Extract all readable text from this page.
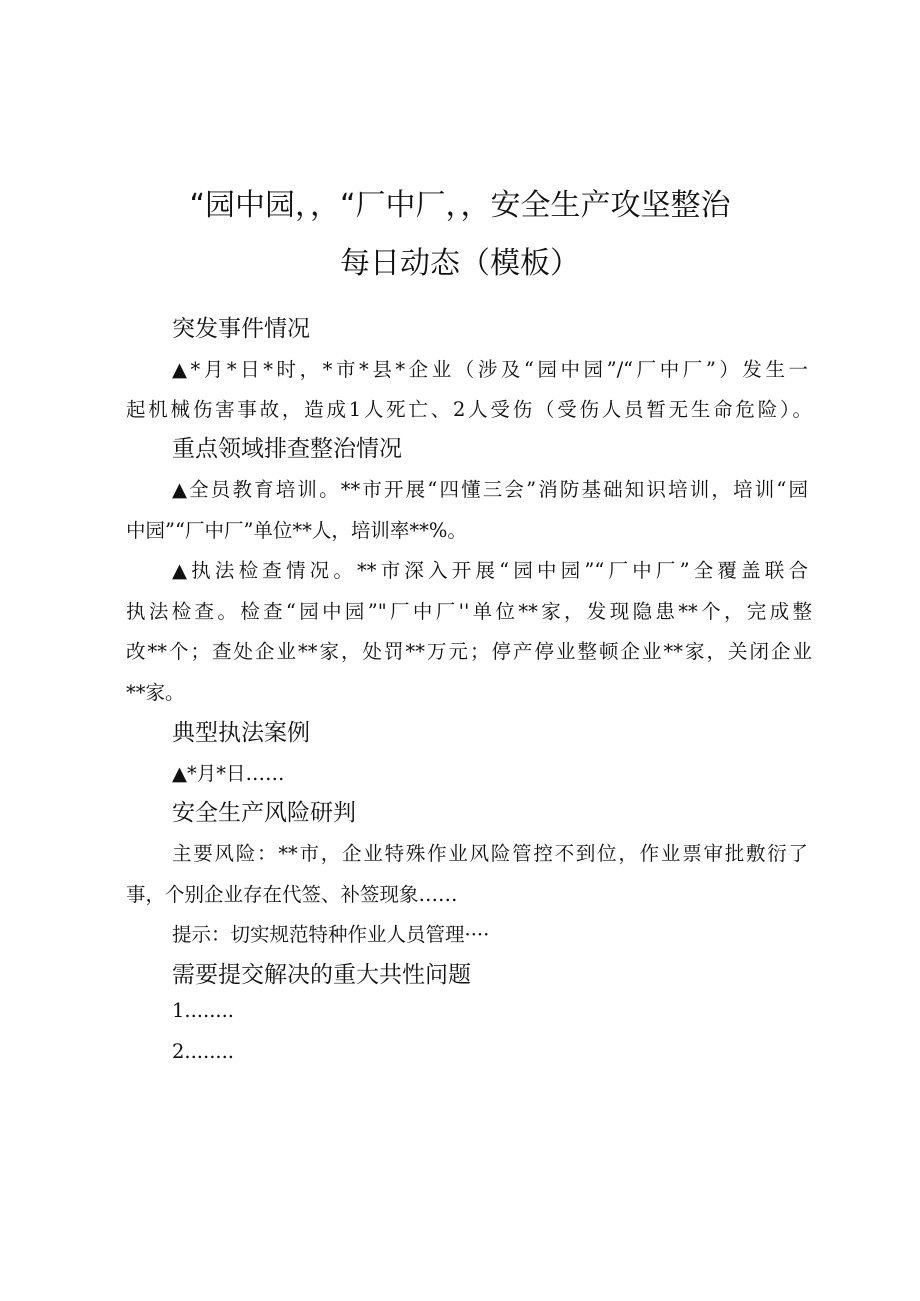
“园中园，，“厂中厂，，安全生产攻坚整治
每日动态（模板）
突发事件情况
▲*月*日*时，*市*县*企业（涉及“园中园”/“厂中厂”）发生一
起机械伤害事故，造成1人死亡、2人受伤（受伤人员暂无生命危险）。
重点领域排查整治情况
▲全员教育培训。**市开展“四懂三会”消防基础知识培训，培训“园
中园”“厂中厂”单位**人，培训率**%。
▲执法检查情况。**市深入开展“园中园”“厂中厂”全覆盖联合
执法检查。检查“园中园”"厂中厂''单位**家，发现隐患**个，完成整
改**个；查处企业**家，处罚**万元；停产停业整顿企业**家，关闭企业
**家。
典型执法案例
▲*月*日……
安全生产风险研判
主要风险：**市，企业特殊作业风险管控不到位，作业票审批敷衍了
事，个别企业存在代签、补签现象……
提示：切实规范特种作业人员管理····
需要提交解决的重大共性问题
1........
2........
